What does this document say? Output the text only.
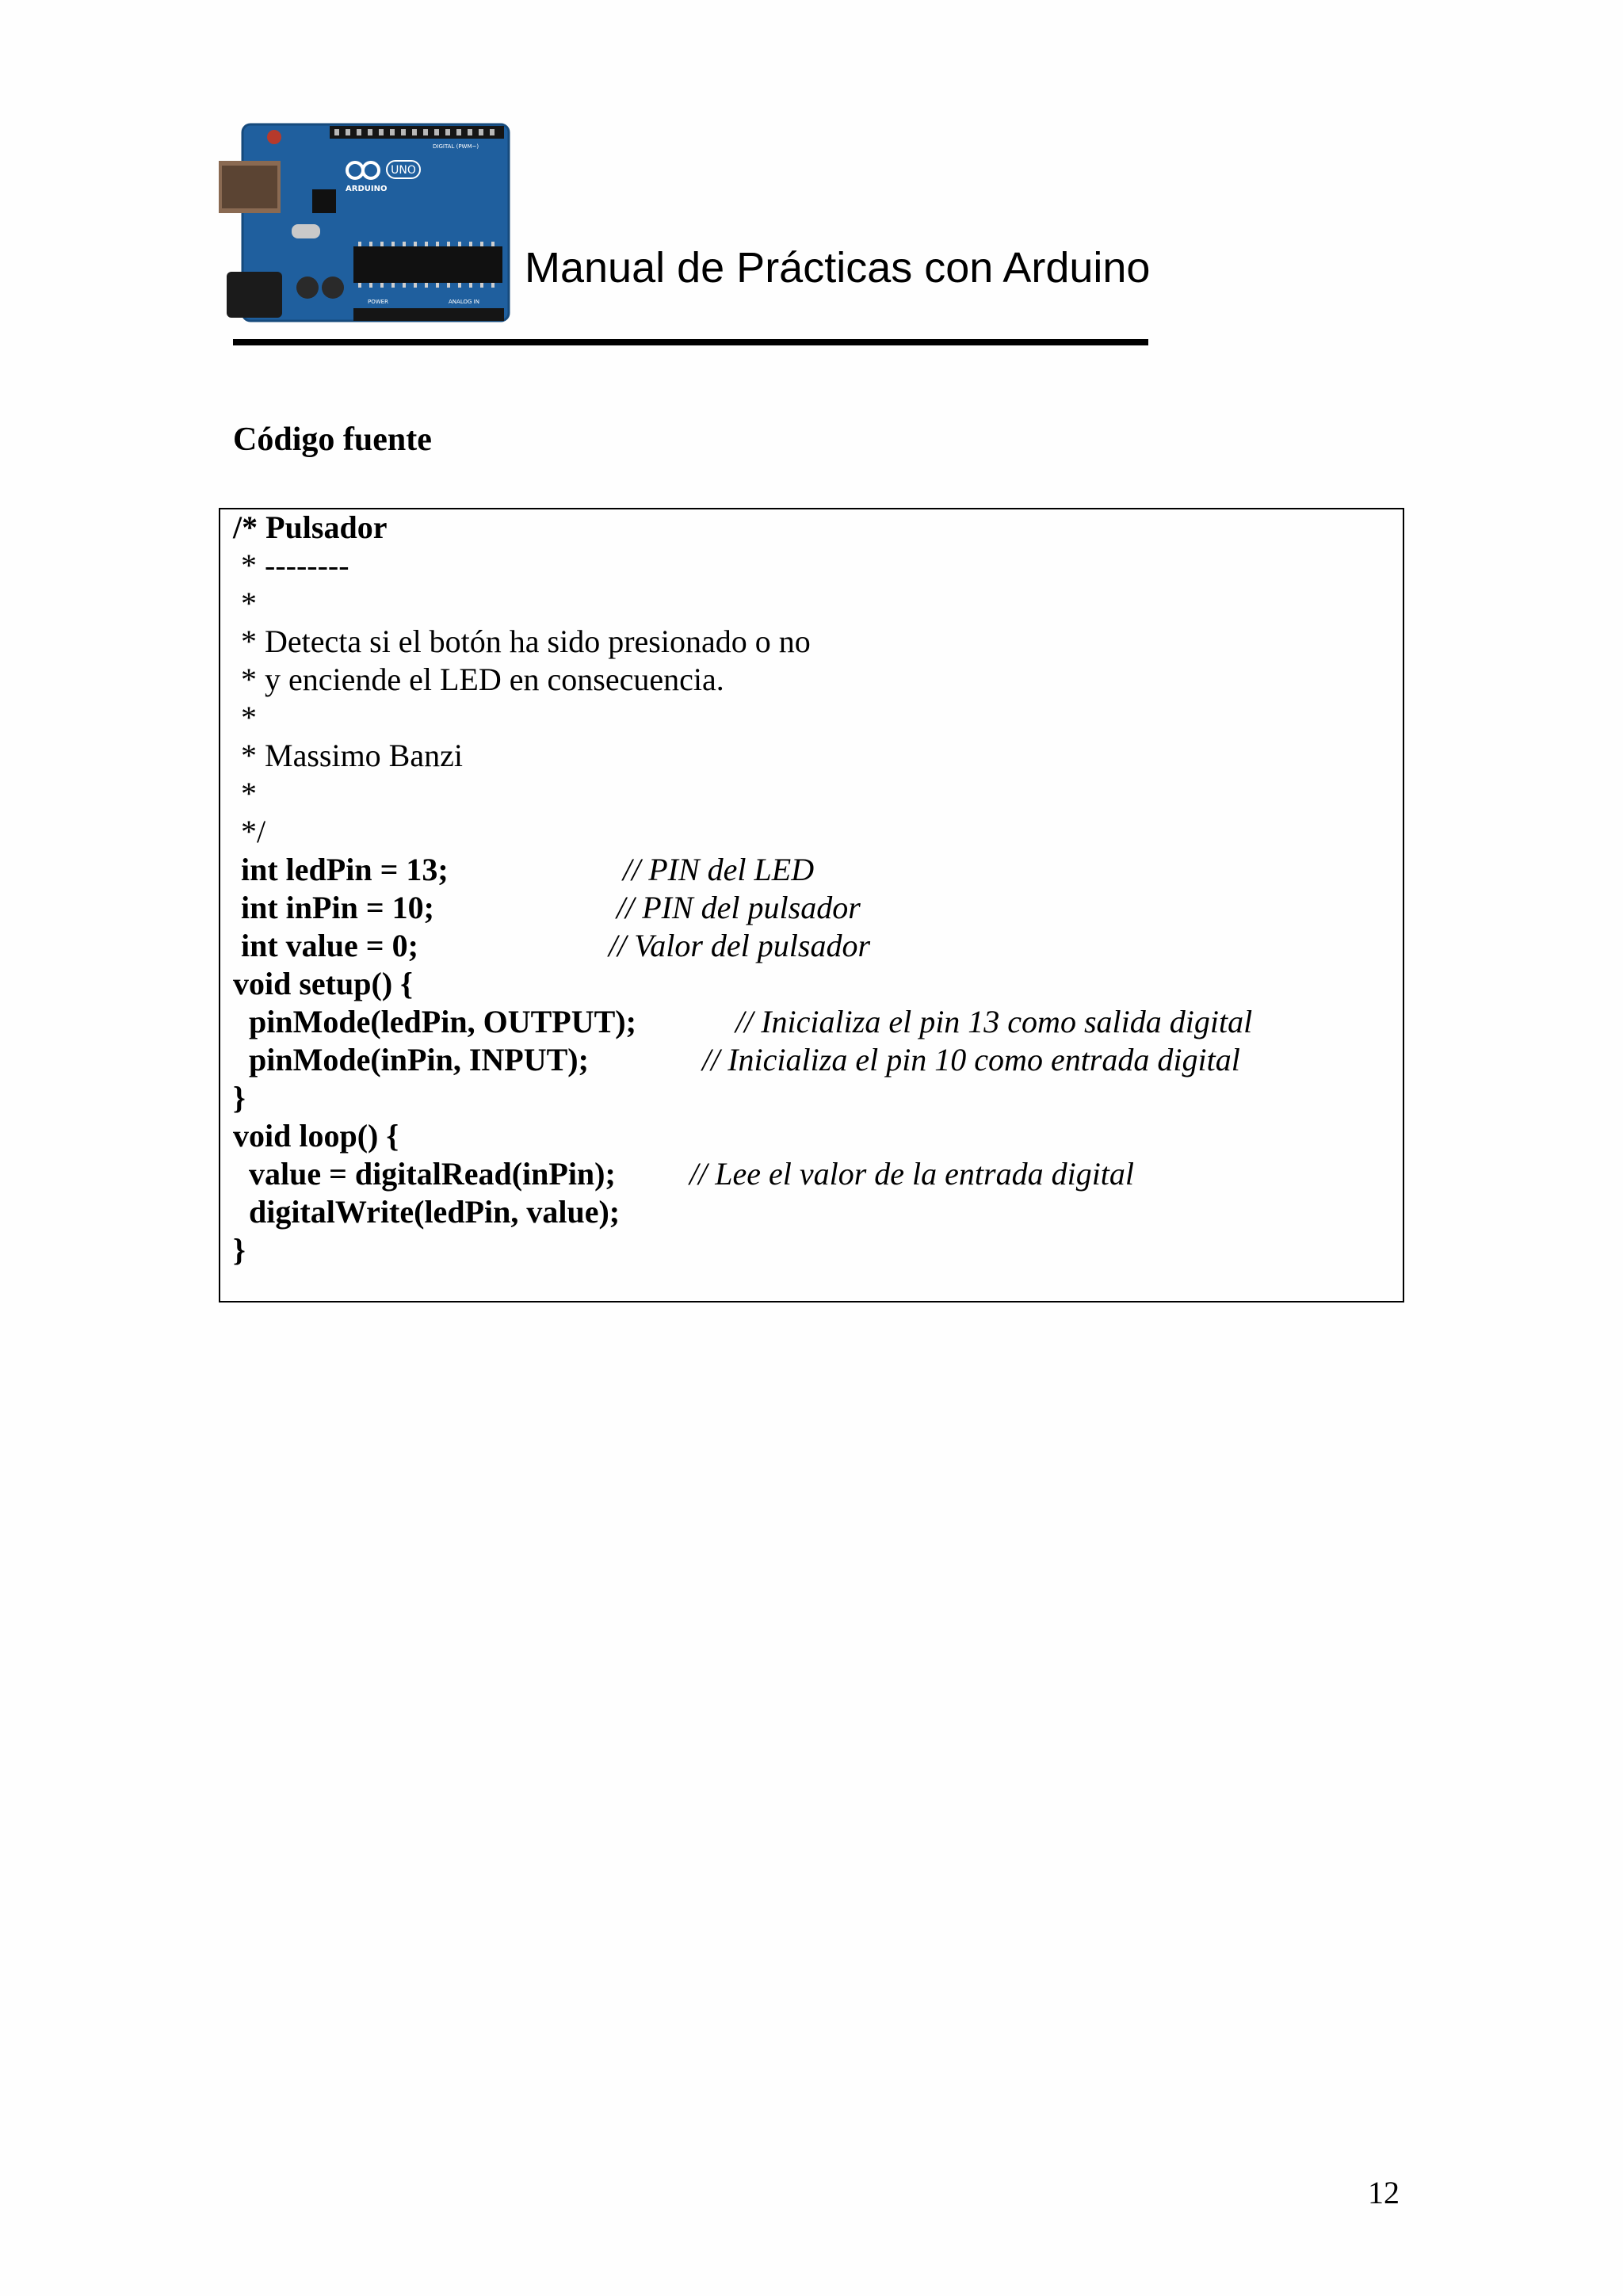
UNO
ARDUINO
DIGITAL (PWM~)
POWER	ANALOG IN
Manual de Prácticas con Arduino
Código fuente
/* Pulsador
* --------
*
* Detecta si el botón ha sido presionado o no
* y enciende el LED en consecuencia.
*
* Massimo Banzi
*
*/
int ledPin = 13;
int inPin = 10;
int value = 0;
void setup() {
pinMode(ledPin, OUTPUT);
pinMode(inPin, INPUT);
}
void loop() {
value = digitalRead(inPin);
digitalWrite(ledPin, value);
}
// PIN del LED
// PIN del pulsador
// Valor del pulsador
// Inicializa el pin 13 como salida digital
// Inicializa el pin 10 como entrada digital
// Lee el valor de la entrada digital
12
